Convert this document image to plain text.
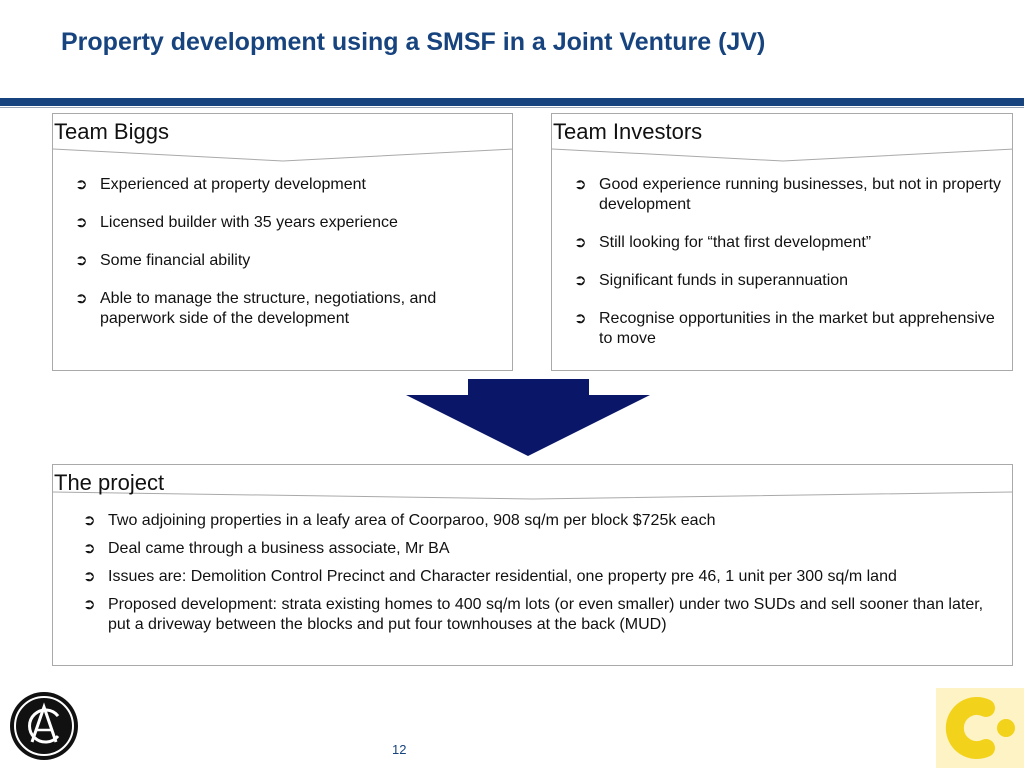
Property development using a SMSF in a Joint Venture (JV)
Team Biggs
➲ Experienced at property development
➲ Licensed builder with 35 years experience
➲ Some financial ability
➲ Able to manage the structure, negotiations, and paperwork side of the development
Team Investors
➲ Good experience running businesses, but not in property development
➲ Still looking for “that first development”
➲ Significant funds in superannuation
➲ Recognise opportunities in the market but apprehensive to move
The project
➲ Two adjoining properties in a leafy area of Coorparoo, 908 sq/m per block $725k each
➲ Deal came through a business associate, Mr BA
➲ Issues are: Demolition Control Precinct and Character residential, one property pre 46, 1 unit per 300 sq/m land
➲ Proposed development: strata existing homes to 400 sq/m lots (or even smaller) under two SUDs and sell sooner than later, put a driveway between the blocks and put four townhouses at the back (MUD)
12
